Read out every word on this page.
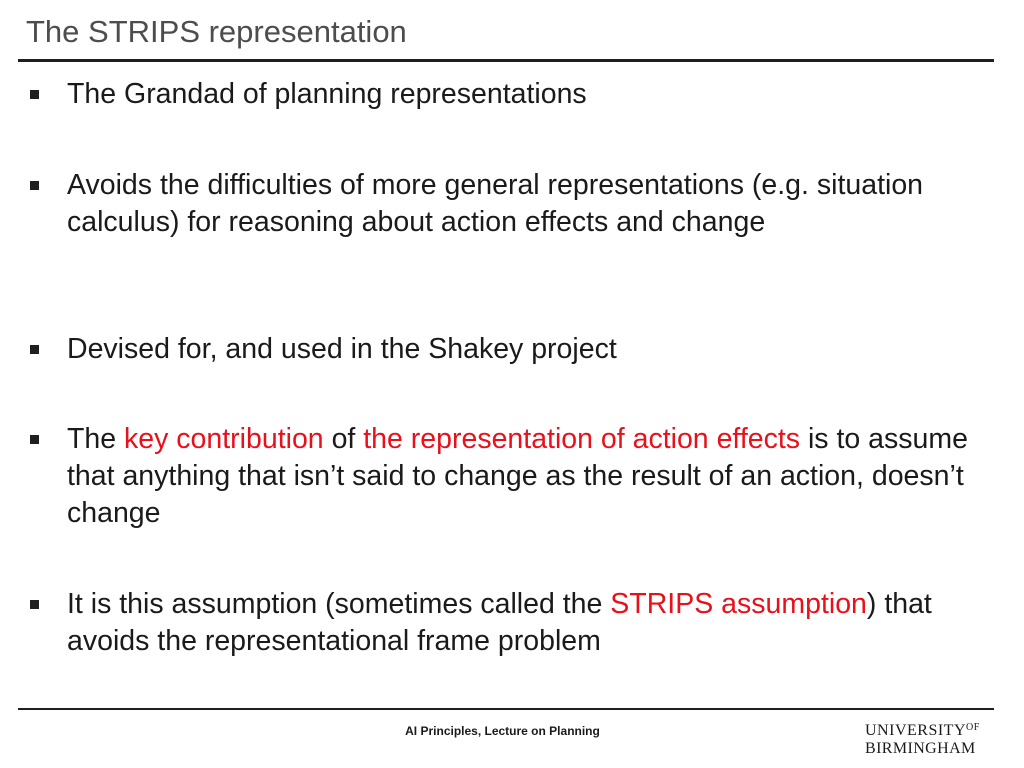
The STRIPS representation
The Grandad of planning representations
Avoids the difficulties of more general representations (e.g. situation calculus) for reasoning about action effects and change
Devised for, and used in the Shakey project
The key contribution of the representation of action effects is to assume that anything that isn’t said to change as the result of an action, doesn’t change
It is this assumption (sometimes called the STRIPS assumption) that avoids the representational frame problem
AI Principles, Lecture on Planning	$UNIVERSITY^{OF}$
BIRMINGHAM
